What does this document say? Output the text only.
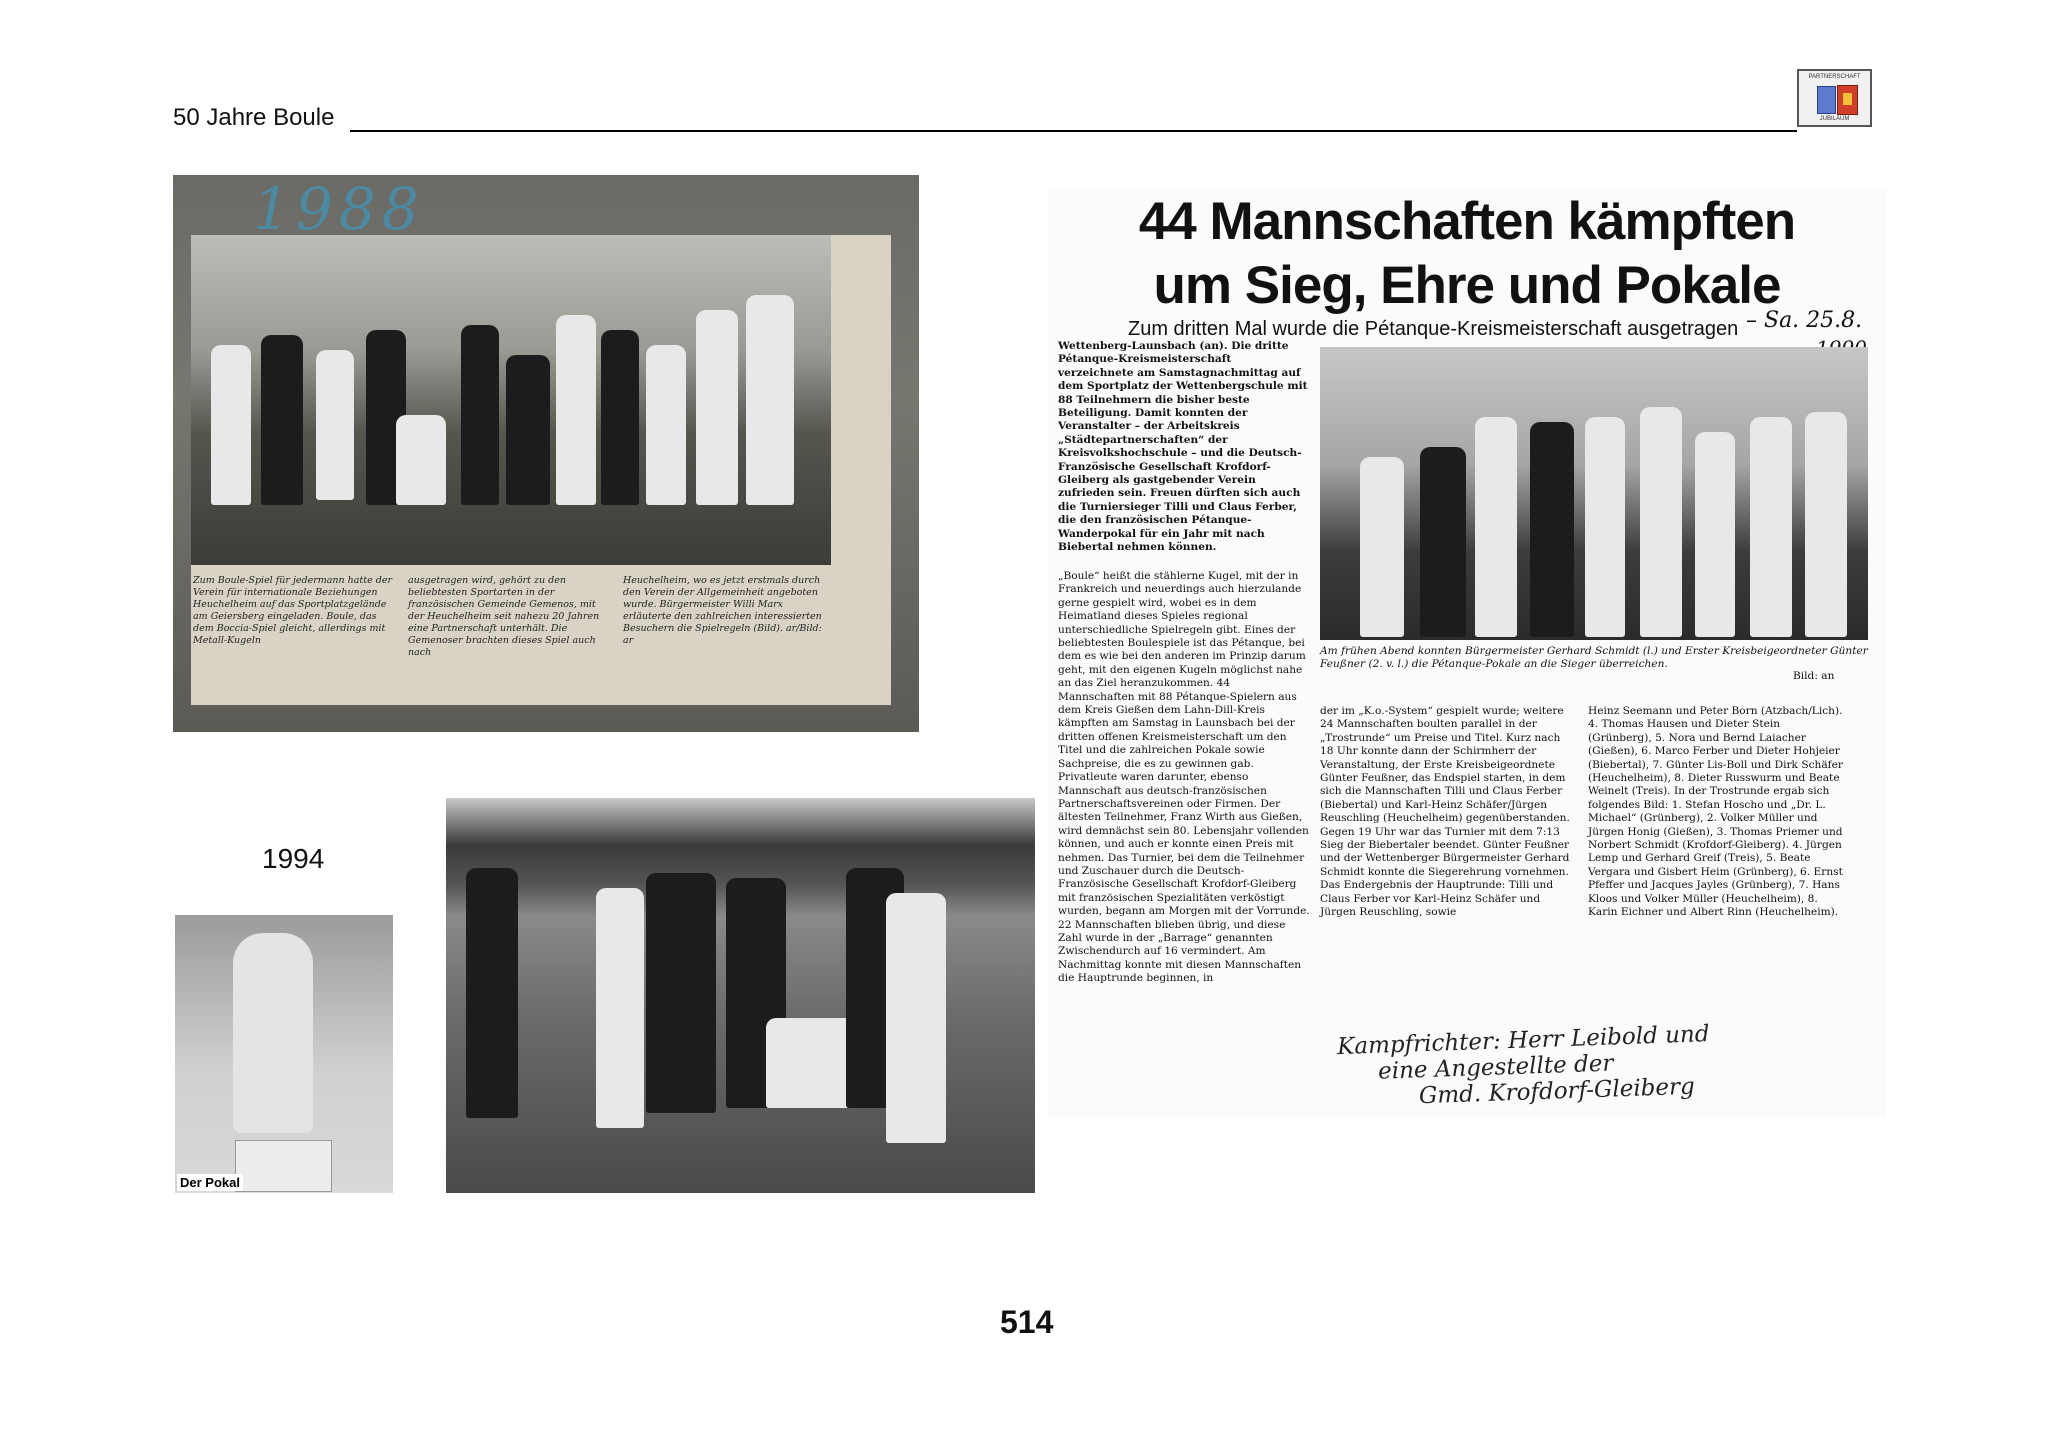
50 Jahre Boule
PARTNERSCHAFT
JUBILÄUM
1988
Zum Boule-Spiel für jedermann hatte der Verein für internationale Beziehungen Heuchelheim auf das Sportplatzgelände am Geiersberg eingeladen. Boule, das dem Boccia-Spiel gleicht, allerdings mit Metall-Kugeln
ausgetragen wird, gehört zu den beliebtesten Sportarten in der französischen Gemeinde Gemenos, mit der Heuchelheim seit nahezu 20 Jahren eine Partnerschaft unterhält. Die Gemenoser brachten dieses Spiel auch nach
Heuchelheim, wo es jetzt erstmals durch den Verein der Allgemeinheit angeboten wurde. Bürgermeister Willi Marx erläuterte den zahlreichen interessierten Besuchern die Spielregeln (Bild). ar/Bild: ar
1994
Der Pokal
44 Mannschaften kämpften
um Sieg, Ehre und Pokale
Zum dritten Mal wurde die Pétanque-Kreismeisterschaft ausgetragen – Sa. 25.8.
Wettenberg-Launsbach (an). Die dritte Pétanque-Kreismeisterschaft verzeichnete am Samstagnachmittag auf dem Sportplatz der Wettenbergschule mit 88 Teilnehmern die bisher beste Beteiligung. Damit konnten der Veranstalter – der Arbeitskreis „Städtepartnerschaften“ der Kreisvolkshochschule – und die Deutsch-Französische Gesellschaft Krofdorf-Gleiberg als gastgebender Verein zufrieden sein. Freuen dürften sich auch die Turniersieger Tilli und Claus Ferber, die den französischen Pétanque-Wanderpokal für ein Jahr mit nach Biebertal nehmen können.
„Boule“ heißt die stählerne Kugel, mit der in Frankreich und neuerdings auch hierzulande gerne gespielt wird, wobei es in dem Heimatland dieses Spieles regional unterschiedliche Spielregeln gibt. Eines der beliebtesten Boulespiele ist das Pétanque, bei dem es wie bei den anderen im Prinzip darum geht, mit den eigenen Kugeln möglichst nahe an das Ziel heranzukommen. 44 Mannschaften mit 88 Pétanque-Spielern aus dem Kreis Gießen dem Lahn-Dill-Kreis kämpften am Samstag in Launsbach bei der dritten offenen Kreismeisterschaft um den Titel und die zahlreichen Pokale sowie Sachpreise, die es zu gewinnen gab. Privatleute waren darunter, ebenso Mannschaft aus deutsch-französischen Partnerschaftsvereinen oder Firmen. Der ältesten Teilnehmer, Franz Wirth aus Gießen, wird demnächst sein 80. Lebensjahr vollenden können, und auch er konnte einen Preis mit nehmen. Das Turnier, bei dem die Teilnehmer und Zuschauer durch die Deutsch-Französische Gesellschaft Krofdorf-Gleiberg mit französischen Spezialitäten verköstigt wurden, begann am Morgen mit der Vorrunde. 22 Mannschaften blieben übrig, und diese Zahl wurde in der „Barrage“ genannten Zwischendurch auf 16 vermindert. Am Nachmittag konnte mit diesen Mannschaften die Hauptrunde beginnen, in
Am frühen Abend konnten Bürgermeister Gerhard Schmidt (l.) und Erster Kreisbeigeordneter Günter Feußner (2. v. l.) die Pétanque-Pokale an die Sieger überreichen.
Bild: an
der im „K.o.-System“ gespielt wurde; weitere 24 Mannschaften boulten parallel in der „Trostrunde“ um Preise und Titel. Kurz nach 18 Uhr konnte dann der Schirmherr der Veranstaltung, der Erste Kreisbeigeordnete Günter Feußner, das Endspiel starten, in dem sich die Mannschaften Tilli und Claus Ferber (Biebertal) und Karl-Heinz Schäfer/Jürgen Reuschling (Heuchelheim) gegenüberstanden. Gegen 19 Uhr war das Turnier mit dem 7:13 Sieg der Biebertaler beendet. Günter Feußner und der Wettenberger Bürgermeister Gerhard Schmidt konnte die Siegerehrung vornehmen. Das Endergebnis der Hauptrunde: Tilli und Claus Ferber vor Karl-Heinz Schäfer und Jürgen Reuschling, sowie
Heinz Seemann und Peter Born (Atzbach/Lich). 4. Thomas Hausen und Dieter Stein (Grünberg), 5. Nora und Bernd Laiacher (Gießen), 6. Marco Ferber und Dieter Hohjeier (Biebertal), 7. Günter Lis-Boll und Dirk Schäfer (Heuchelheim), 8. Dieter Russwurm und Beate Weinelt (Treis). In der Trostrunde ergab sich folgendes Bild: 1. Stefan Hoscho und „Dr. L. Michael“ (Grünberg), 2. Volker Müller und Jürgen Honig (Gießen), 3. Thomas Priemer und Norbert Schmidt (Krofdorf-Gleiberg). 4. Jürgen Lemp und Gerhard Greif (Treis), 5. Beate Vergara und Gisbert Heim (Grünberg), 6. Ernst Pfeffer und Jacques Jayles (Grünberg), 7. Hans Kloos und Volker Müller (Heuchelheim), 8. Karin Eichner und Albert Rinn (Heuchelheim).
Kampfrichter: Herr Leibold und
eine Angestellte der
Gmd. Krofdorf-Gleiberg
514
